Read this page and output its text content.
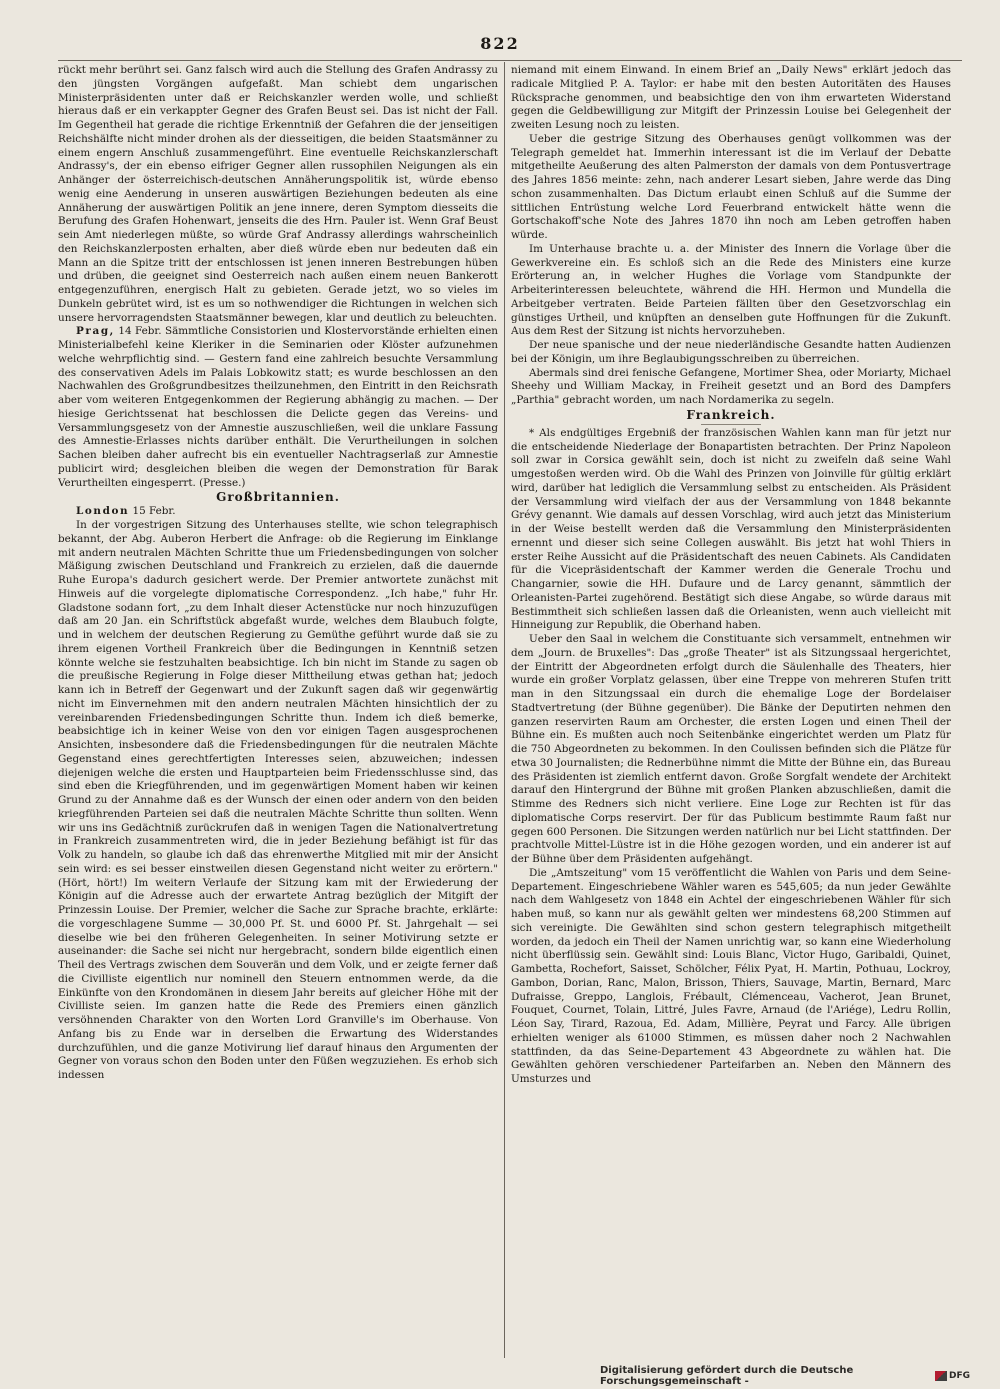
822

rückt mehr berührt sei. Ganz falsch wird auch die Stellung des Grafen Andrassy zu den jüngsten Vorgängen aufgefaßt. Man schiebt dem ungarischen Ministerpräsidenten unter daß er Reichskanzler werden wolle, und schließt hieraus daß er ein verkappter Gegner des Grafen Beust sei. Das ist nicht der Fall. Im Gegentheil hat gerade die richtige Erkenntniß der Gefahren die der jenseitigen Reichshälfte nicht minder drohen als der diesseitigen, die beiden Staatsmänner zu einem engern Anschluß zusammengeführt. Eine eventuelle Reichskanzlerschaft Andrassy's, der ein ebenso eifriger Gegner allen russophilen Neigungen als ein Anhänger der österreichisch-deutschen Annäherungspolitik ist, würde ebenso wenig eine Aenderung in unseren auswärtigen Beziehungen bedeuten als eine Annäherung der auswärtigen Politik an jene innere, deren Symptom diesseits die Berufung des Grafen Hohenwart, jenseits die des Hrn. Pauler ist. Wenn Graf Beust sein Amt niederlegen müßte, so würde Graf Andrassy allerdings wahrscheinlich den Reichskanzlerposten erhalten, aber dieß würde eben nur bedeuten daß ein Mann an die Spitze tritt der entschlossen ist jenen inneren Bestrebungen hüben und drüben, die geeignet sind Oesterreich nach außen einem neuen Bankerott entgegenzuführen, energisch Halt zu gebieten. Gerade jetzt, wo so vieles im Dunkeln gebrütet wird, ist es um so nothwendiger die Richtungen in welchen sich unsere hervorragendsten Staatsmänner bewegen, klar und deutlich zu beleuchten.

Prag, 14 Febr. Sämmtliche Consistorien und Klostervorstände erhielten einen Ministerialbefehl keine Kleriker in die Seminarien oder Klöster aufzunehmen welche wehrpflichtig sind. — Gestern fand eine zahlreich besuchte Versammlung des conservativen Adels im Palais Lobkowitz statt; es wurde beschlossen an den Nachwahlen des Großgrundbesitzes theilzunehmen, den Eintritt in den Reichsrath aber vom weiteren Entgegenkommen der Regierung abhängig zu machen. — Der hiesige Gerichtssenat hat beschlossen die Delicte gegen das Vereins- und Versammlungsgesetz von der Amnestie auszuschließen, weil die unklare Fassung des Amnestie-Erlasses nichts darüber enthält. Die Verurtheilungen in solchen Sachen bleiben daher aufrecht bis ein eventueller Nachtragserlaß zur Amnestie publicirt wird; desgleichen bleiben die wegen der Demonstration für Barak Verurtheilten eingesperrt. (Presse.)

Großbritannien.

London 15 Febr.

In der vorgestrigen Sitzung des Unterhauses stellte, wie schon telegraphisch bekannt, der Abg. Auberon Herbert die Anfrage: ob die Regierung im Einklange mit andern neutralen Mächten Schritte thue um Friedensbedingungen von solcher Mäßigung zwischen Deutschland und Frankreich zu erzielen, daß die dauernde Ruhe Europa's dadurch gesichert werde. Der Premier antwortete zunächst mit Hinweis auf die vorgelegte diplomatische Correspondenz. „Ich habe," fuhr Hr. Gladstone sodann fort, „zu dem Inhalt dieser Actenstücke nur noch hinzuzufügen daß am 20 Jan. ein Schriftstück abgefaßt wurde, welches dem Blaubuch folgte, und in welchem der deutschen Regierung zu Gemüthe geführt wurde daß sie zu ihrem eigenen Vortheil Frankreich über die Bedingungen in Kenntniß setzen könnte welche sie festzuhalten beabsichtige. Ich bin nicht im Stande zu sagen ob die preußische Regierung in Folge dieser Mittheilung etwas gethan hat; jedoch kann ich in Betreff der Gegenwart und der Zukunft sagen daß wir gegenwärtig nicht im Einvernehmen mit den andern neutralen Mächten hinsichtlich der zu vereinbarenden Friedensbedingungen Schritte thun. Indem ich dieß bemerke, beabsichtige ich in keiner Weise von den vor einigen Tagen ausgesprochenen Ansichten, insbesondere daß die Friedensbedingungen für die neutralen Mächte Gegenstand eines gerechtfertigten Interesses seien, abzuweichen; indessen diejenigen welche die ersten und Hauptparteien beim Friedensschlusse sind, das sind eben die Kriegführenden, und im gegenwärtigen Moment haben wir keinen Grund zu der Annahme daß es der Wunsch der einen oder andern von den beiden kriegführenden Parteien sei daß die neutralen Mächte Schritte thun sollten. Wenn wir uns ins Gedächtniß zurückrufen daß in wenigen Tagen die Nationalvertretung in Frankreich zusammentreten wird, die in jeder Beziehung befähigt ist für das Volk zu handeln, so glaube ich daß das ehrenwerthe Mitglied mit mir der Ansicht sein wird: es sei besser einstweilen diesen Gegenstand nicht weiter zu erörtern." (Hört, hört!) Im weitern Verlaufe der Sitzung kam mit der Erwiederung der Königin auf die Adresse auch der erwartete Antrag bezüglich der Mitgift der Prinzessin Louise. Der Premier, welcher die Sache zur Sprache brachte, erklärte: die vorgeschlagene Summe — 30,000 Pf. St. und 6000 Pf. St. Jahrgehalt — sei dieselbe wie bei den früheren Gelegenheiten. In seiner Motivirung setzte er auseinander: die Sache sei nicht nur hergebracht, sondern bilde eigentlich einen Theil des Vertrags zwischen dem Souverän und dem Volk, und er zeigte ferner daß die Civilliste eigentlich nur nominell den Steuern entnommen werde, da die Einkünfte von den Krondomänen in diesem Jahr bereits auf gleicher Höhe mit der Civilliste seien. Im ganzen hatte die Rede des Premiers einen gänzlich versöhnenden Charakter von den Worten Lord Granville's im Oberhause. Von Anfang bis zu Ende war in derselben die Erwartung des Widerstandes durchzufühlen, und die ganze Motivirung lief darauf hinaus den Argumenten der Gegner von voraus schon den Boden unter den Füßen wegzuziehen. Es erhob sich indessen

niemand mit einem Einwand. In einem Brief an „Daily News" erklärt jedoch das radicale Mitglied P. A. Taylor: er habe mit den besten Autoritäten des Hauses Rücksprache genommen, und beabsichtige den von ihm erwarteten Widerstand gegen die Geldbewilligung zur Mitgift der Prinzessin Louise bei Gelegenheit der zweiten Lesung noch zu leisten.

Ueber die gestrige Sitzung des Oberhauses genügt vollkommen was der Telegraph gemeldet hat. Immerhin interessant ist die im Verlauf der Debatte mitgetheilte Aeußerung des alten Palmerston der damals von dem Pontusvertrage des Jahres 1856 meinte: zehn, nach anderer Lesart sieben, Jahre werde das Ding schon zusammenhalten. Das Dictum erlaubt einen Schluß auf die Summe der sittlichen Entrüstung welche Lord Feuerbrand entwickelt hätte wenn die Gortschakoff'sche Note des Jahres 1870 ihn noch am Leben getroffen haben würde.

Im Unterhause brachte u. a. der Minister des Innern die Vorlage über die Gewerkvereine ein. Es schloß sich an die Rede des Ministers eine kurze Erörterung an, in welcher Hughes die Vorlage vom Standpunkte der Arbeiterinteressen beleuchtete, während die HH. Hermon und Mundella die Arbeitgeber vertraten. Beide Parteien fällten über den Gesetzvorschlag ein günstiges Urtheil, und knüpften an denselben gute Hoffnungen für die Zukunft. Aus dem Rest der Sitzung ist nichts hervorzuheben.

Der neue spanische und der neue niederländische Gesandte hatten Audienzen bei der Königin, um ihre Beglaubigungsschreiben zu überreichen.

Abermals sind drei fenische Gefangene, Mortimer Shea, oder Moriarty, Michael Sheehy und William Mackay, in Freiheit gesetzt und an Bord des Dampfers „Parthia" gebracht worden, um nach Nordamerika zu segeln.

Frankreich.

* Als endgültiges Ergebniß der französischen Wahlen kann man für jetzt nur die entscheidende Niederlage der Bonapartisten betrachten. Der Prinz Napoleon soll zwar in Corsica gewählt sein, doch ist nicht zu zweifeln daß seine Wahl umgestoßen werden wird. Ob die Wahl des Prinzen von Joinville für gültig erklärt wird, darüber hat lediglich die Versammlung selbst zu entscheiden. Als Präsident der Versammlung wird vielfach der aus der Versammlung von 1848 bekannte Grévy genannt. Wie damals auf dessen Vorschlag, wird auch jetzt das Ministerium in der Weise bestellt werden daß die Versammlung den Ministerpräsidenten ernennt und dieser sich seine Collegen auswählt. Bis jetzt hat wohl Thiers in erster Reihe Aussicht auf die Präsidentschaft des neuen Cabinets. Als Candidaten für die Vicepräsidentschaft der Kammer werden die Generale Trochu und Changarnier, sowie die HH. Dufaure und de Larcy genannt, sämmtlich der Orleanisten-Partei zugehörend. Bestätigt sich diese Angabe, so würde daraus mit Bestimmtheit sich schließen lassen daß die Orleanisten, wenn auch vielleicht mit Hinneigung zur Republik, die Oberhand haben.

Ueber den Saal in welchem die Constituante sich versammelt, entnehmen wir dem „Journ. de Bruxelles": Das „große Theater" ist als Sitzungssaal hergerichtet, der Eintritt der Abgeordneten erfolgt durch die Säulenhalle des Theaters, hier wurde ein großer Vorplatz gelassen, über eine Treppe von mehreren Stufen tritt man in den Sitzungssaal ein durch die ehemalige Loge der Bordelaiser Stadtvertretung (der Bühne gegenüber). Die Bänke der Deputirten nehmen den ganzen reservirten Raum am Orchester, die ersten Logen und einen Theil der Bühne ein. Es mußten auch noch Seitenbänke eingerichtet werden um Platz für die 750 Abgeordneten zu bekommen. In den Coulissen befinden sich die Plätze für etwa 30 Journalisten; die Rednerbühne nimmt die Mitte der Bühne ein, das Bureau des Präsidenten ist ziemlich entfernt davon. Große Sorgfalt wendete der Architekt darauf den Hintergrund der Bühne mit großen Planken abzuschließen, damit die Stimme des Redners sich nicht verliere. Eine Loge zur Rechten ist für das diplomatische Corps reservirt. Der für das Publicum bestimmte Raum faßt nur gegen 600 Personen. Die Sitzungen werden natürlich nur bei Licht stattfinden. Der prachtvolle Mittel-Lüstre ist in die Höhe gezogen worden, und ein anderer ist auf der Bühne über dem Präsidenten aufgehängt.

Die „Amtszeitung" vom 15 veröffentlicht die Wahlen von Paris und dem Seine-Departement. Eingeschriebene Wähler waren es 545,605; da nun jeder Gewählte nach dem Wahlgesetz von 1848 ein Achtel der eingeschriebenen Wähler für sich haben muß, so kann nur als gewählt gelten wer mindestens 68,200 Stimmen auf sich vereinigte. Die Gewählten sind schon gestern telegraphisch mitgetheilt worden, da jedoch ein Theil der Namen unrichtig war, so kann eine Wiederholung nicht überflüssig sein. Gewählt sind: Louis Blanc, Victor Hugo, Garibaldi, Quinet, Gambetta, Rochefort, Saisset, Schölcher, Félix Pyat, H. Martin, Pothuau, Lockroy, Gambon, Dorian, Ranc, Malon, Brisson, Thiers, Sauvage, Martin, Bernard, Marc Dufraisse, Greppo, Langlois, Frébault, Clémenceau, Vacherot, Jean Brunet, Fouquet, Cournet, Tolain, Littré, Jules Favre, Arnaud (de l'Ariége), Ledru Rollin, Léon Say, Tirard, Razoua, Ed. Adam, Millière, Peyrat und Farcy. Alle übrigen erhielten weniger als 61000 Stimmen, es müssen daher noch 2 Nachwahlen stattfinden, da das Seine-Departement 43 Abgeordnete zu wählen hat. Die Gewählten gehören verschiedener Parteifarben an. Neben den Männern des Umsturzes und

Digitalisierung gefördert durch die Deutsche Forschungsgemeinschaft -	DFG
